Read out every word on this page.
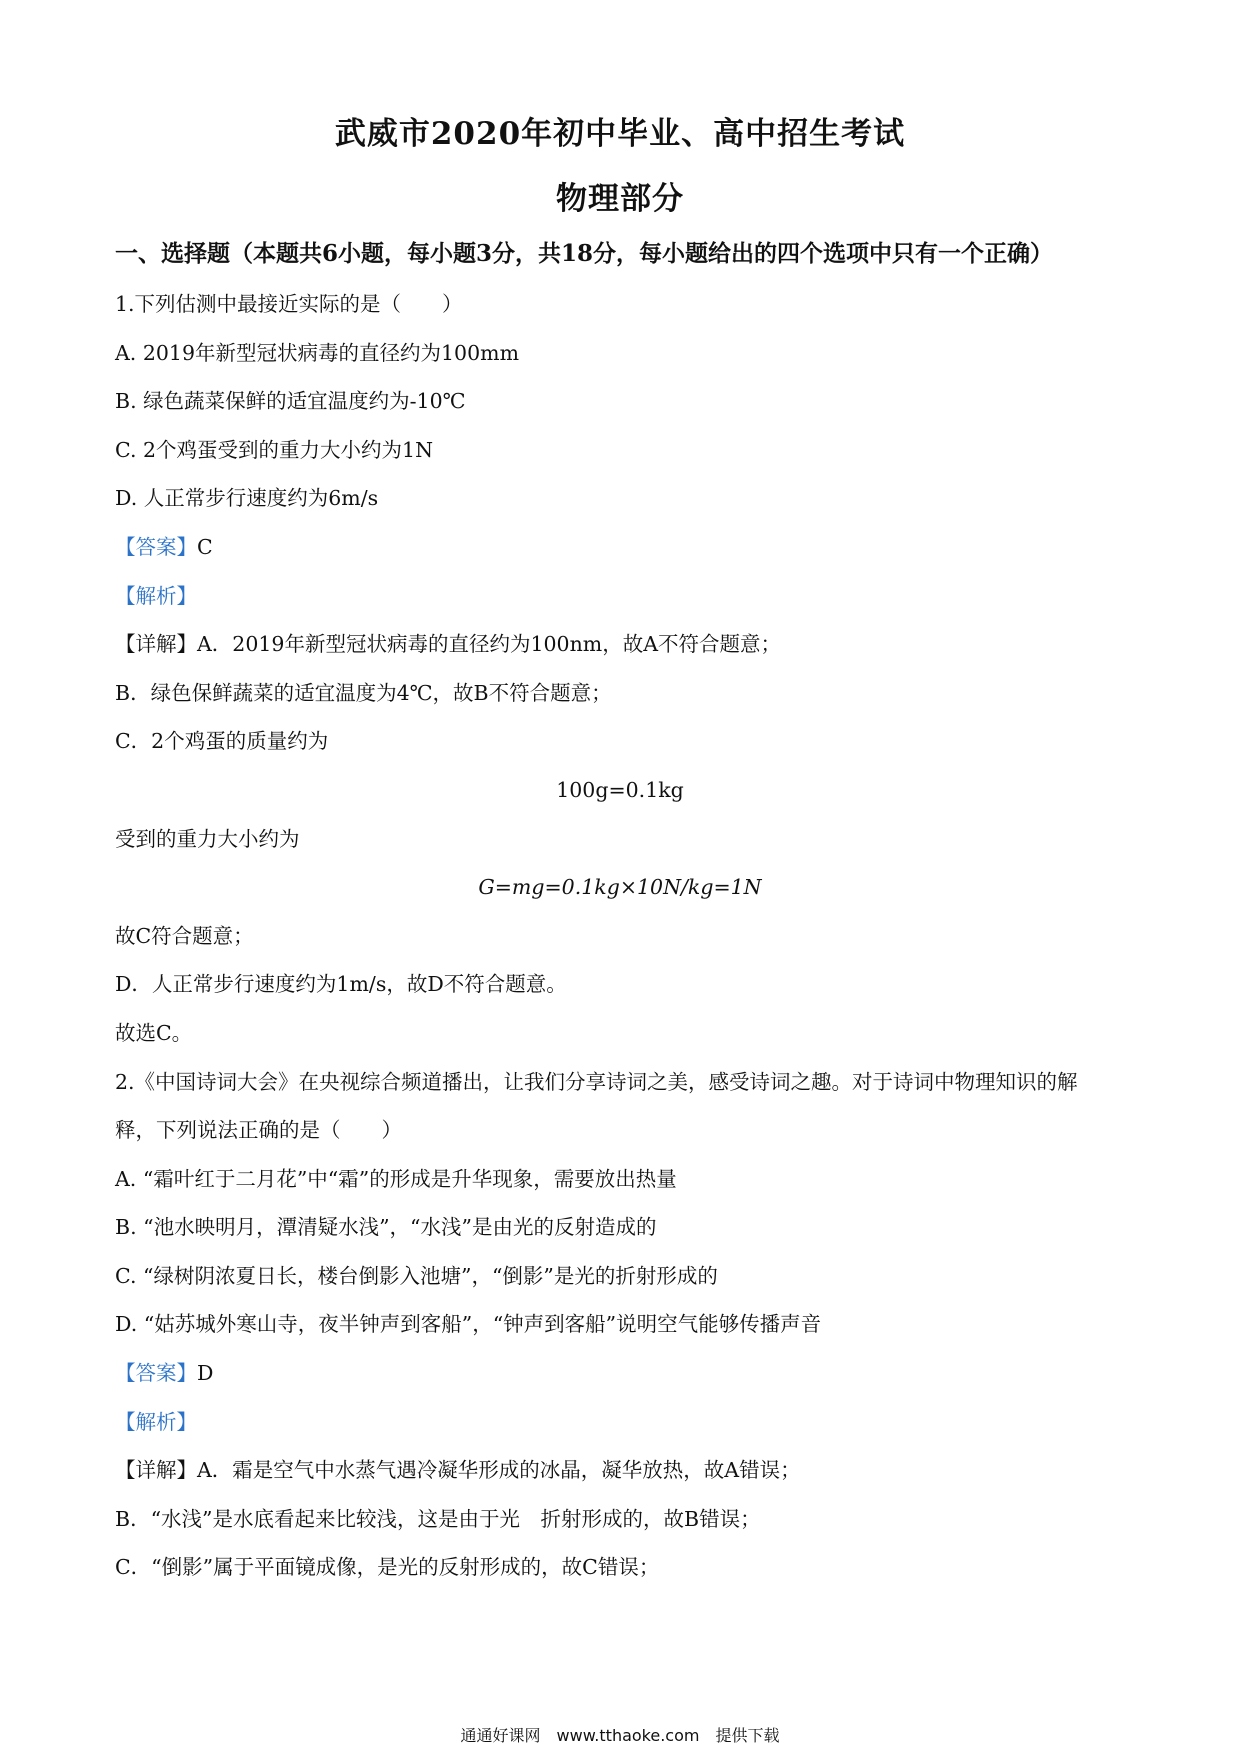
武威市2020年初中毕业、高中招生考试
物理部分
一、选择题（本题共6小题，每小题3分，共18分，每小题给出的四个选项中只有一个正确）
1.下列估测中最接近实际的是（　　）
A. 2019年新型冠状病毒的直径约为100mm
B. 绿色蔬菜保鲜的适宜温度约为-10℃
C. 2个鸡蛋受到的重力大小约为1N
D. 人正常步行速度约为6m/s
【答案】C
【解析】
【详解】A．2019年新型冠状病毒的直径约为100nm，故A不符合题意；
B．绿色保鲜蔬菜的适宜温度为4℃，故B不符合题意；
C．2个鸡蛋的质量约为
100g=0.1kg
受到的重力大小约为
G=mg=0.1kg×10N/kg=1N
故C符合题意；
D．人正常步行速度约为1m/s，故D不符合题意。
故选C。
2.《中国诗词大会》在央视综合频道播出，让我们分享诗词之美，感受诗词之趣。对于诗词中物理知识的解
释，下列说法正确的是（　　）
A. “霜叶红于二月花”中“霜”的形成是升华现象，需要放出热量
B. “池水映明月，潭清疑水浅”，“水浅”是由光的反射造成的
C. “绿树阴浓夏日长，楼台倒影入池塘”，“倒影”是光的折射形成的
D. “姑苏城外寒山寺，夜半钟声到客船”，“钟声到客船”说明空气能够传播声音
【答案】D
【解析】
【详解】A．霜是空气中水蒸气遇冷凝华形成的冰晶，凝华放热，故A错误；
B．“水浅”是水底看起来比较浅，这是由于光　折射形成的，故B错误；
C．“倒影”属于平面镜成像，是光的反射形成的，故C错误；
通通好课网　www.tthaoke.com　提供下载
